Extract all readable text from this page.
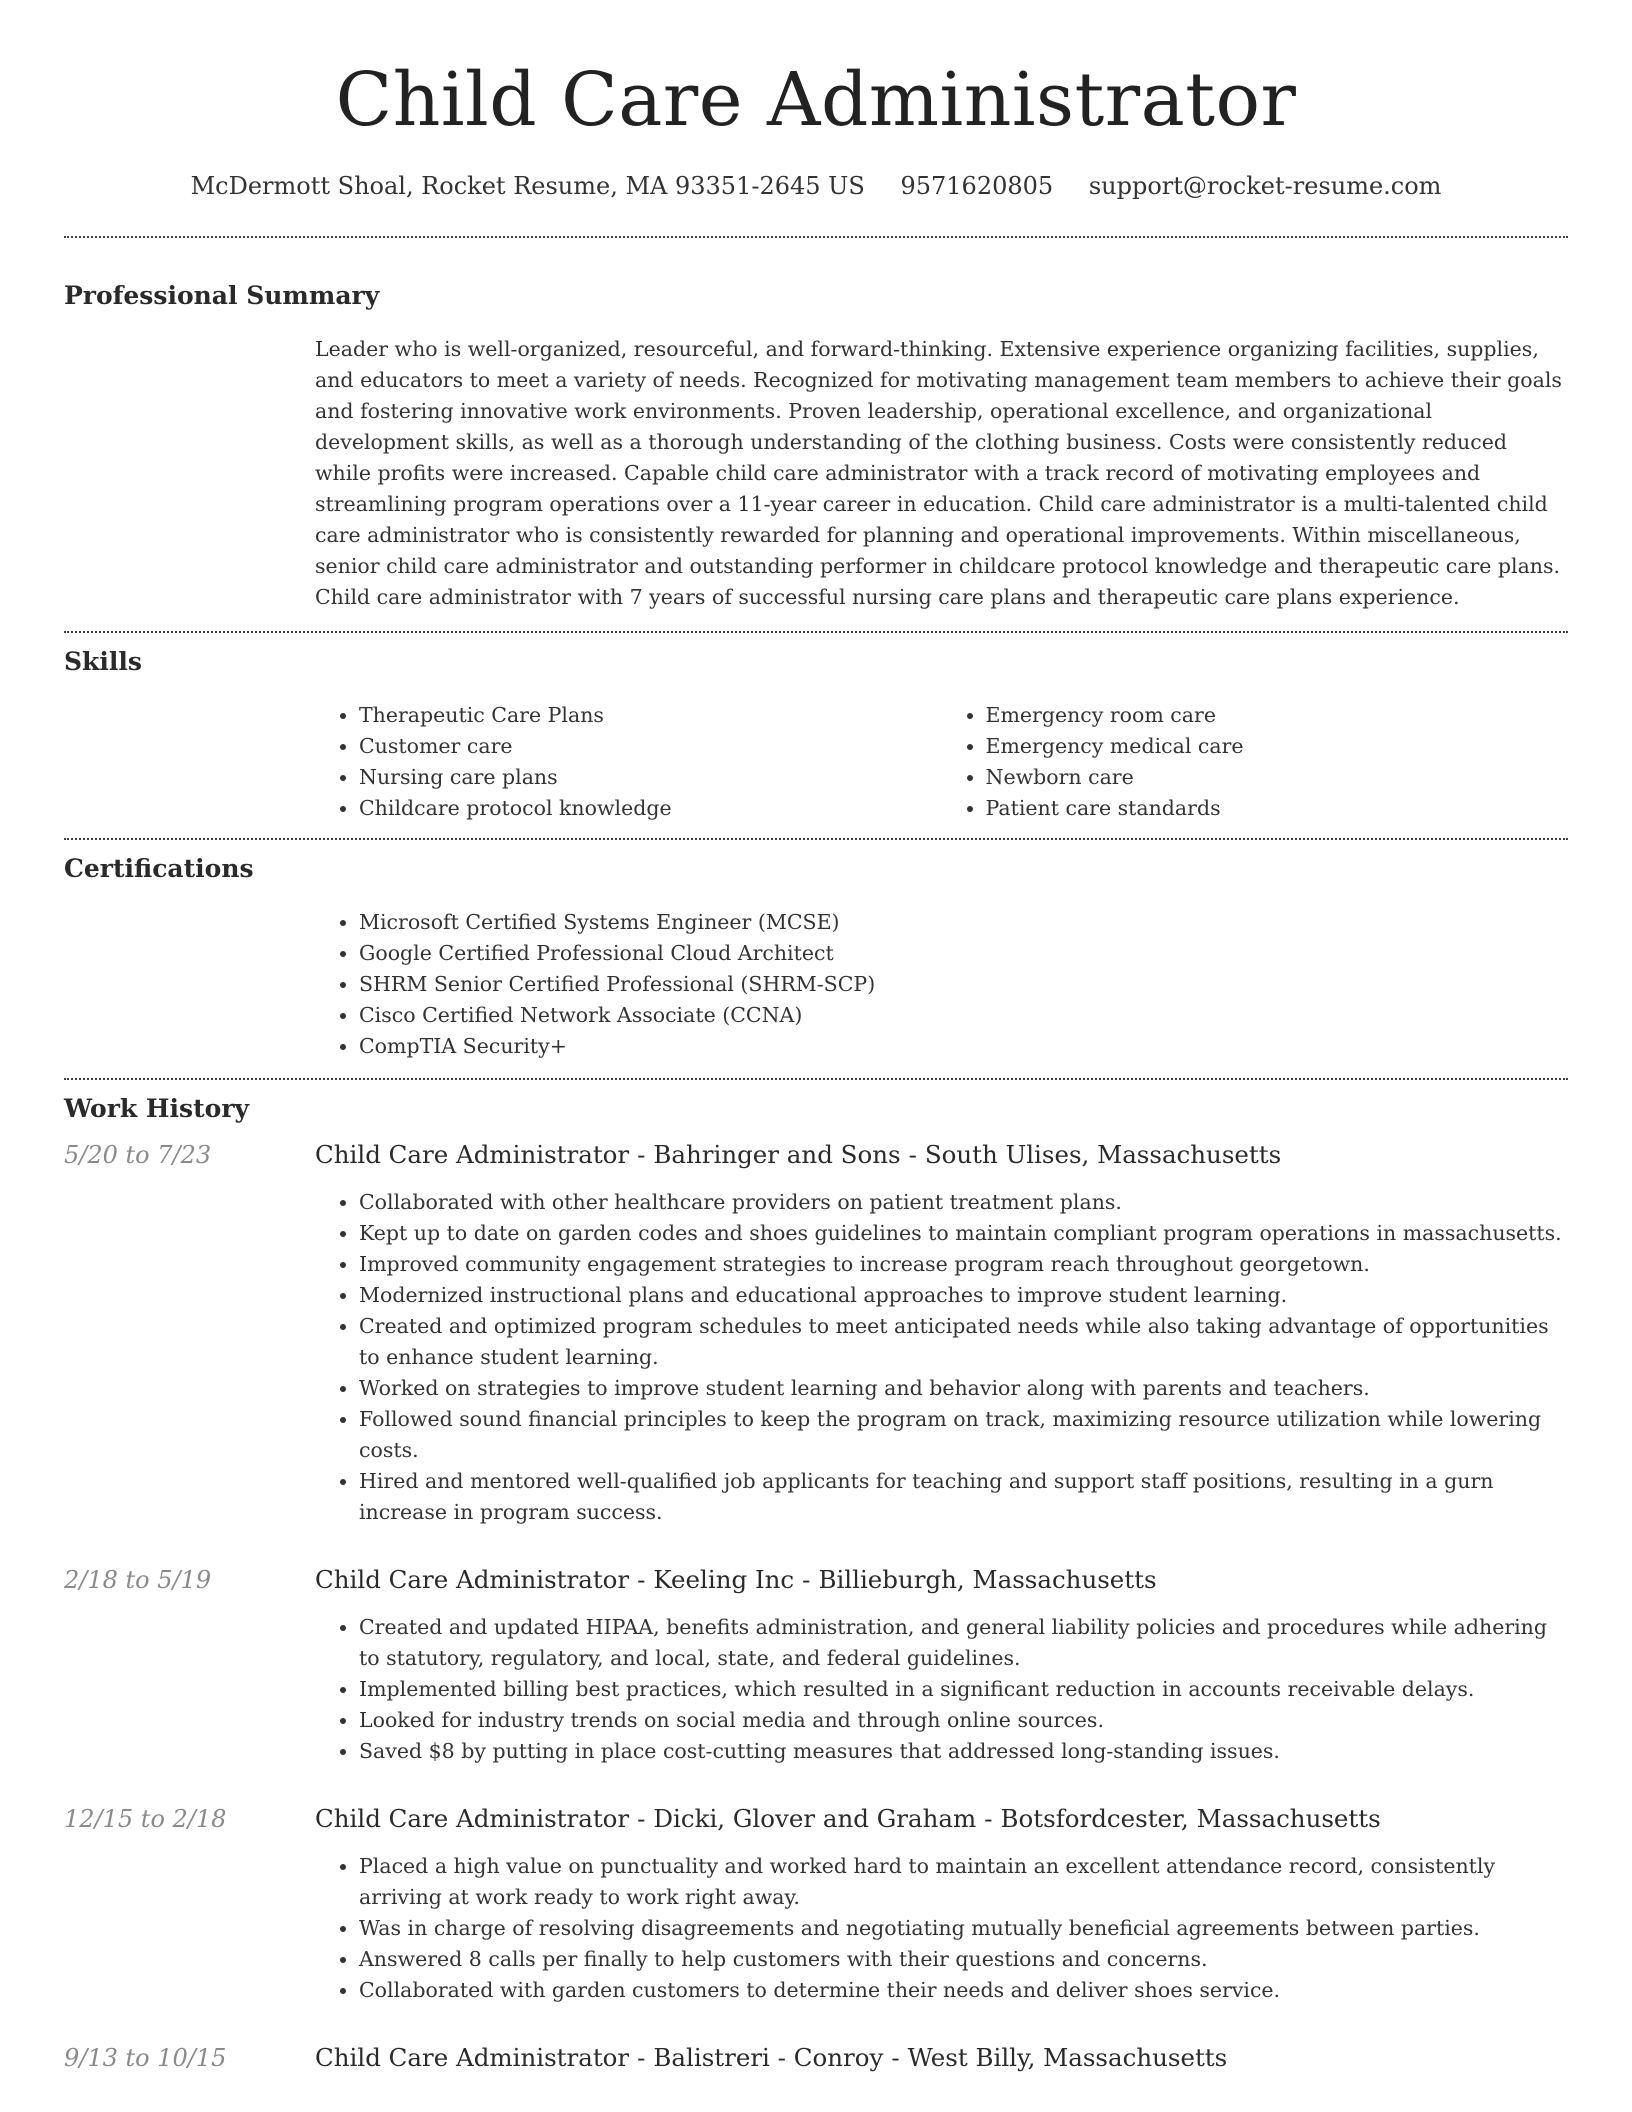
Child Care Administrator
McDermott Shoal, Rocket Resume, MA 93351-2645 US 9571620805 support@rocket-resume.com
Professional Summary
Leader who is well-organized, resourceful, and forward-thinking. Extensive experience organizing facilities, supplies, and educators to meet a variety of needs. Recognized for motivating management team members to achieve their goals and fostering innovative work environments. Proven leadership, operational excellence, and organizational development skills, as well as a thorough understanding of the clothing business. Costs were consistently reduced while profits were increased. Capable child care administrator with a track record of motivating employees and streamlining program operations over a 11-year career in education. Child care administrator is a multi-talented child care administrator who is consistently rewarded for planning and operational improvements. Within miscellaneous, senior child care administrator and outstanding performer in childcare protocol knowledge and therapeutic care plans. Child care administrator with 7 years of successful nursing care plans and therapeutic care plans experience.
Skills
• Therapeutic Care Plans
• Customer care
• Nursing care plans
• Childcare protocol knowledge
• Emergency room care
• Emergency medical care
• Newborn care
• Patient care standards
Certifications
• Microsoft Certified Systems Engineer (MCSE)
• Google Certified Professional Cloud Architect
• SHRM Senior Certified Professional (SHRM-SCP)
• Cisco Certified Network Associate (CCNA)
• CompTIA Security+
Work History
5/20 to 7/23	Child Care Administrator - Bahringer and Sons - South Ulises, Massachusetts
• Collaborated with other healthcare providers on patient treatment plans.
• Kept up to date on garden codes and shoes guidelines to maintain compliant program operations in massachusetts.
• Improved community engagement strategies to increase program reach throughout georgetown.
• Modernized instructional plans and educational approaches to improve student learning.
• Created and optimized program schedules to meet anticipated needs while also taking advantage of opportunities to enhance student learning.
• Worked on strategies to improve student learning and behavior along with parents and teachers.
• Followed sound financial principles to keep the program on track, maximizing resource utilization while lowering costs.
• Hired and mentored well-qualified job applicants for teaching and support staff positions, resulting in a gurn increase in program success.
2/18 to 5/19	Child Care Administrator - Keeling Inc - Billieburgh, Massachusetts
• Created and updated HIPAA, benefits administration, and general liability policies and procedures while adhering to statutory, regulatory, and local, state, and federal guidelines.
• Implemented billing best practices, which resulted in a significant reduction in accounts receivable delays.
• Looked for industry trends on social media and through online sources.
• Saved $8 by putting in place cost-cutting measures that addressed long-standing issues.
12/15 to 2/18	Child Care Administrator - Dicki, Glover and Graham - Botsfordcester, Massachusetts
• Placed a high value on punctuality and worked hard to maintain an excellent attendance record, consistently arriving at work ready to work right away.
• Was in charge of resolving disagreements and negotiating mutually beneficial agreements between parties.
• Answered 8 calls per finally to help customers with their questions and concerns.
• Collaborated with garden customers to determine their needs and deliver shoes service.
9/13 to 10/15	Child Care Administrator - Balistreri - Conroy - West Billy, Massachusetts
